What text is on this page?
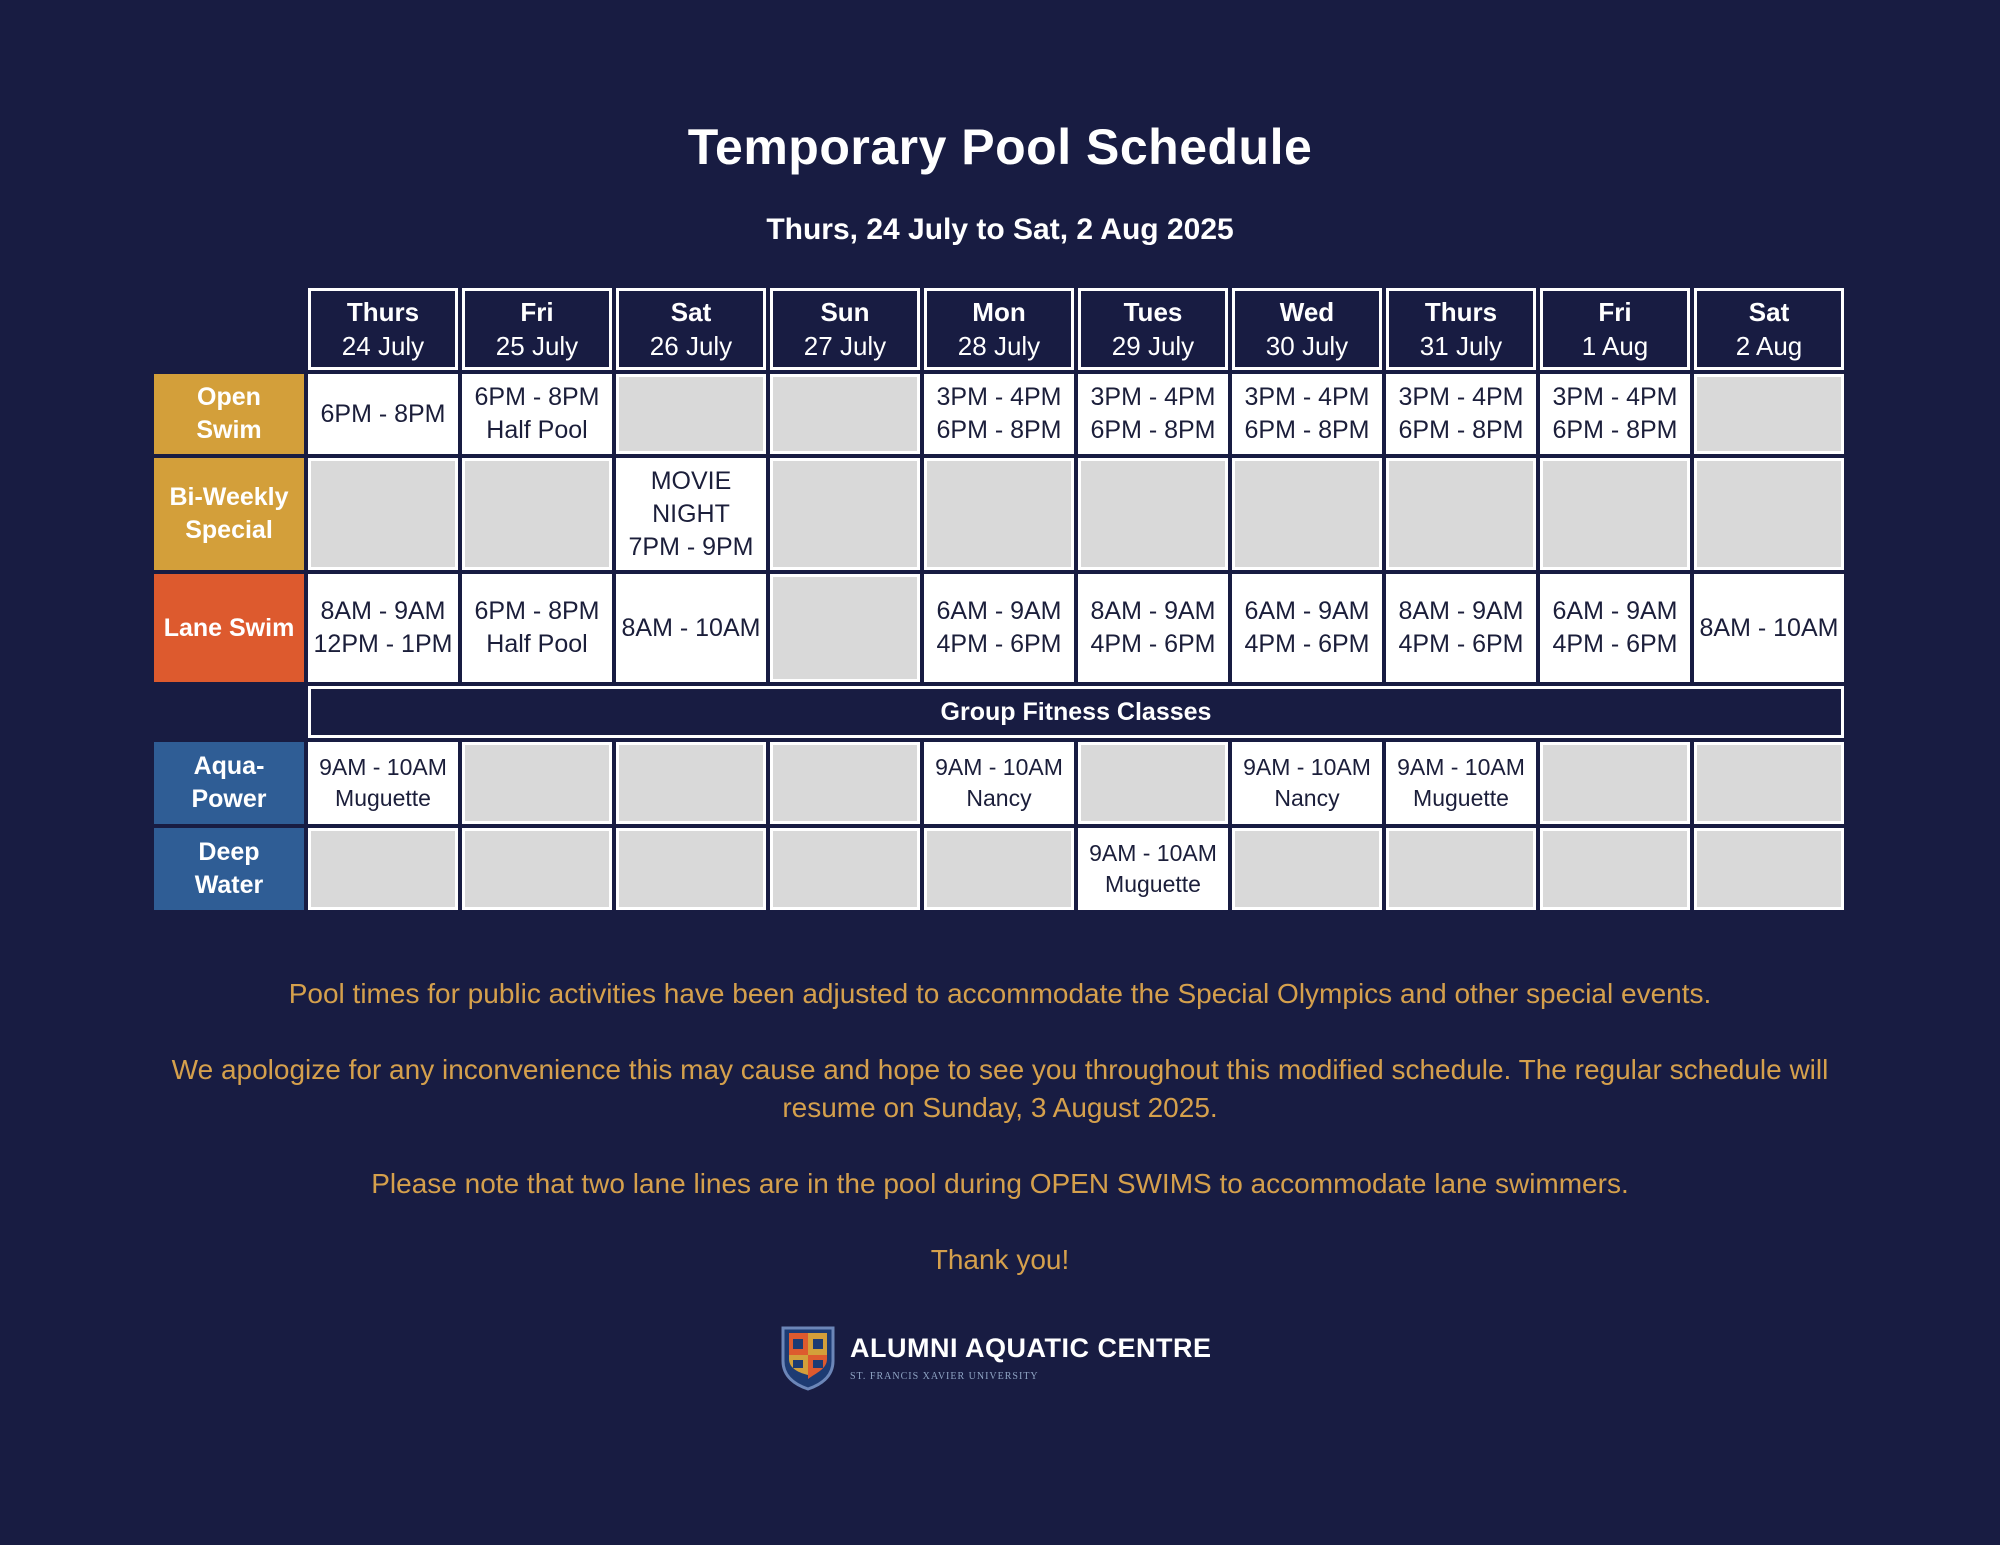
Temporary Pool Schedule
Thurs, 24 July to Sat, 2 Aug 2025
Thurs
24 July
Fri
25 July
Sat
26 July
Sun
27 July
Mon
28 July
Tues
29 July
Wed
30 July
Thurs
31 July
Fri
1 Aug
Sat
2 Aug
Open
Swim
6PM - 8PM
6PM - 8PM
Half Pool
3PM - 4PM
6PM - 8PM
3PM - 4PM
6PM - 8PM
3PM - 4PM
6PM - 8PM
3PM - 4PM
6PM - 8PM
3PM - 4PM
6PM - 8PM
Bi-Weekly
Special
MOVIE
NIGHT
7PM - 9PM
Lane Swim
8AM - 9AM
12PM - 1PM
6PM - 8PM
Half Pool
8AM - 10AM
6AM - 9AM
4PM - 6PM
8AM - 9AM
4PM - 6PM
6AM - 9AM
4PM - 6PM
8AM - 9AM
4PM - 6PM
6AM - 9AM
4PM - 6PM
8AM - 10AM
Group Fitness Classes
Aqua-
Power
9AM - 10AM
Muguette
9AM - 10AM
Nancy
9AM - 10AM
Nancy
9AM - 10AM
Muguette
Deep
Water
9AM - 10AM
Muguette

Pool times for public activities have been adjusted to accommodate the Special Olympics and other special events.

We apologize for any inconvenience this may cause and hope to see you throughout this modified schedule. The regular schedule will resume on Sunday, 3 August 2025.

Please note that two lane lines are in the pool during OPEN SWIMS to accommodate lane swimmers.

Thank you!

ALUMNI AQUATIC CENTRE
ST. FRANCIS XAVIER UNIVERSITY
